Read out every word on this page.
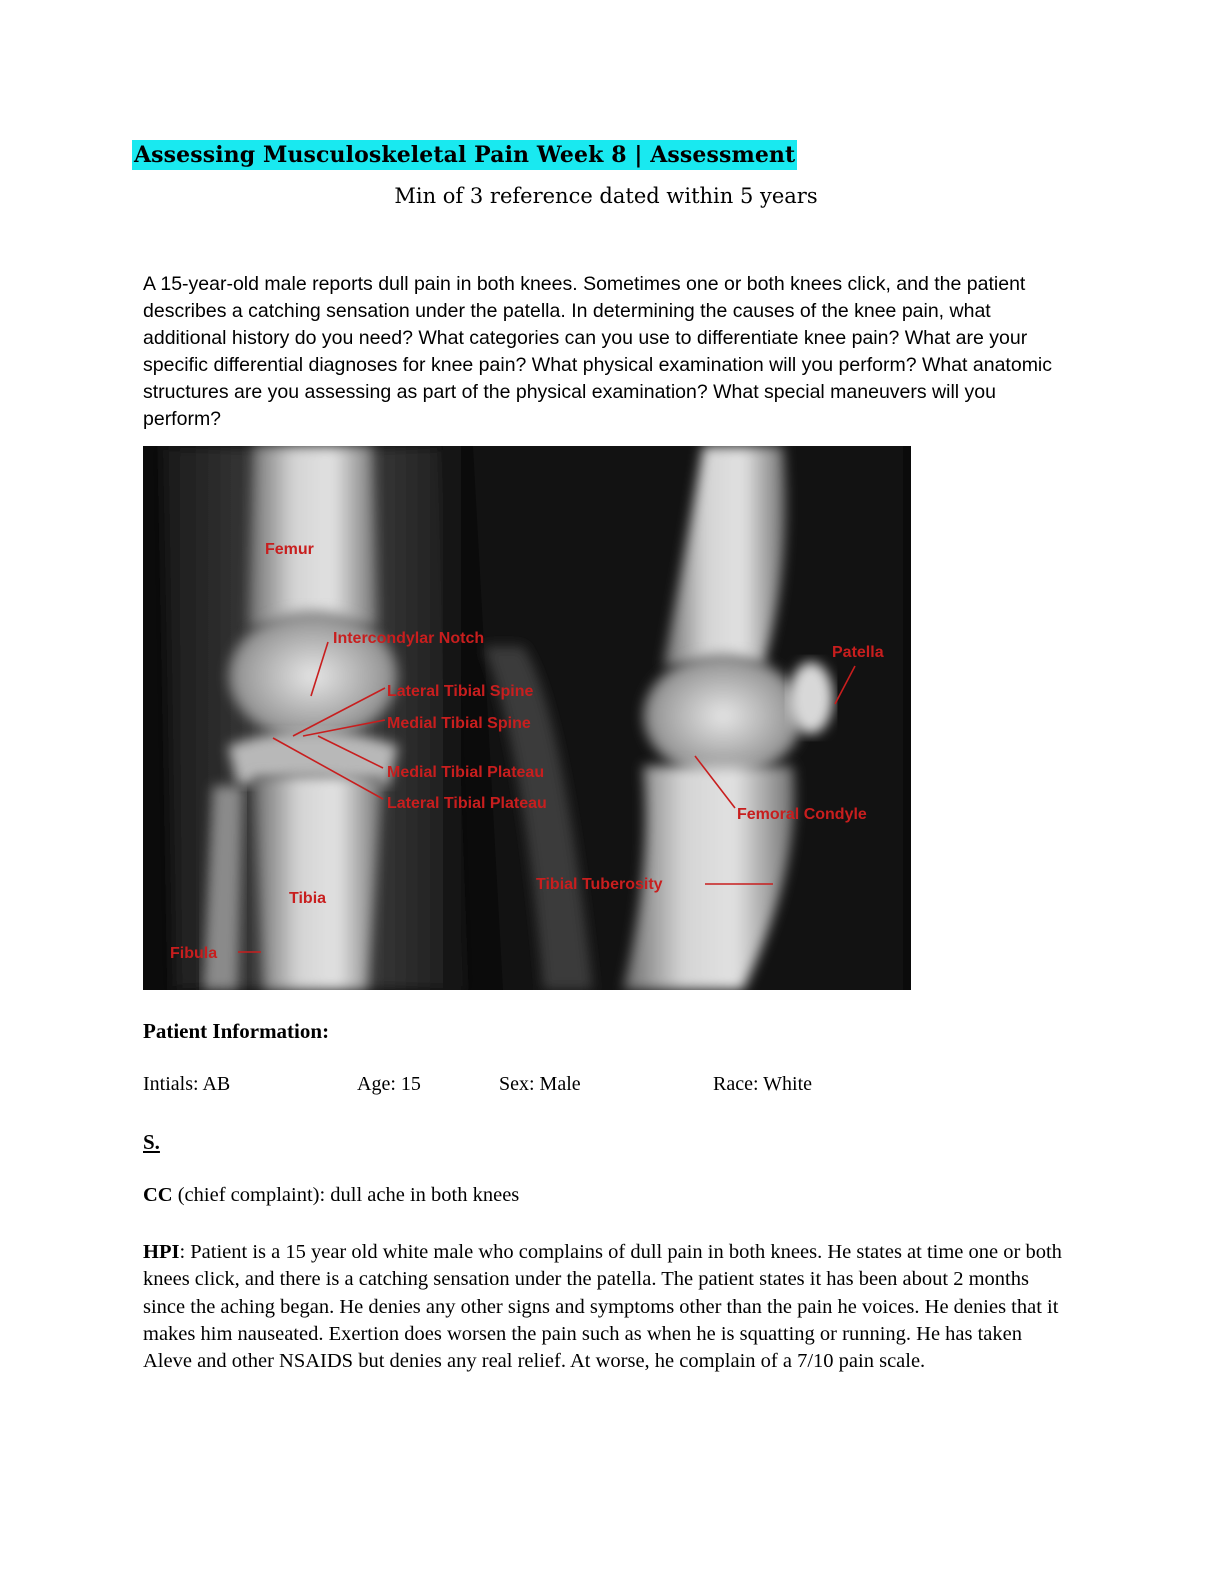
Assessing Musculoskeletal Pain Week 8 | Assessment
Min of 3 reference dated within 5 years
A 15-year-old male reports dull pain in both knees. Sometimes one or both knees click, and the patient describes a catching sensation under the patella. In determining the causes of the knee pain, what additional history do you need? What categories can you use to differentiate knee pain? What are your specific differential diagnoses for knee pain? What physical examination will you perform? What anatomic structures are you assessing as part of the physical examination? What special maneuvers will you perform?
Femur
Intercondylar Notch
Lateral Tibial Spine
Medial Tibial Spine
Medial Tibial Plateau
Lateral Tibial Plateau
Tibia
Fibula
Patella
Femoral Condyle
Tibial Tuberosity
Patient Information:
Intials: AB	Age: 15	Sex: Male	Race: White
S.
CC (chief complaint): dull ache in both knees
HPI: Patient is a 15 year old white male who complains of dull pain in both knees. He states at time one or both knees click, and there is a catching sensation under the patella. The patient states it has been about 2 months since the aching began. He denies any other signs and symptoms other than the pain he voices. He denies that it makes him nauseated. Exertion does worsen the pain such as when he is squatting or running. He has taken Aleve and other NSAIDS but denies any real relief. At worse, he complain of a 7/10 pain scale.
